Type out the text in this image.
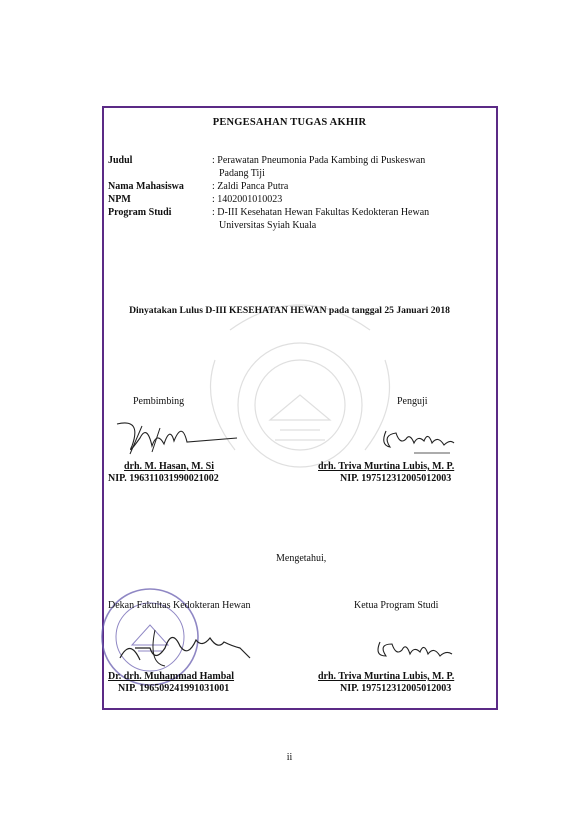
PENGESAHAN TUGAS AKHIR
Judul	: Perawatan Pneumonia Pada Kambing di Puskeswan
Padang Tiji
Nama Mahasiswa	: Zaldi Panca Putra
NPM	: 1402001010023
Program Studi	: D-III Kesehatan Hewan Fakultas Kedokteran Hewan
Universitas Syiah Kuala
Dinyatakan Lulus D-III KESEHATAN HEWAN pada tanggal 25 Januari 2018
Pembimbing	Penguji
drh. M. Hasan, M. Si
NIP. 196311031990021002
drh. Triva Murtina Lubis, M. P.
NIP. 197512312005012003
Mengetahui,
Dekan Fakultas Kedokteran Hewan	Ketua Program Studi
Dr. drh. Muhammad Hambal
NIP. 196509241991031001
drh. Triva Murtina Lubis, M. P.
NIP. 197512312005012003
ii
